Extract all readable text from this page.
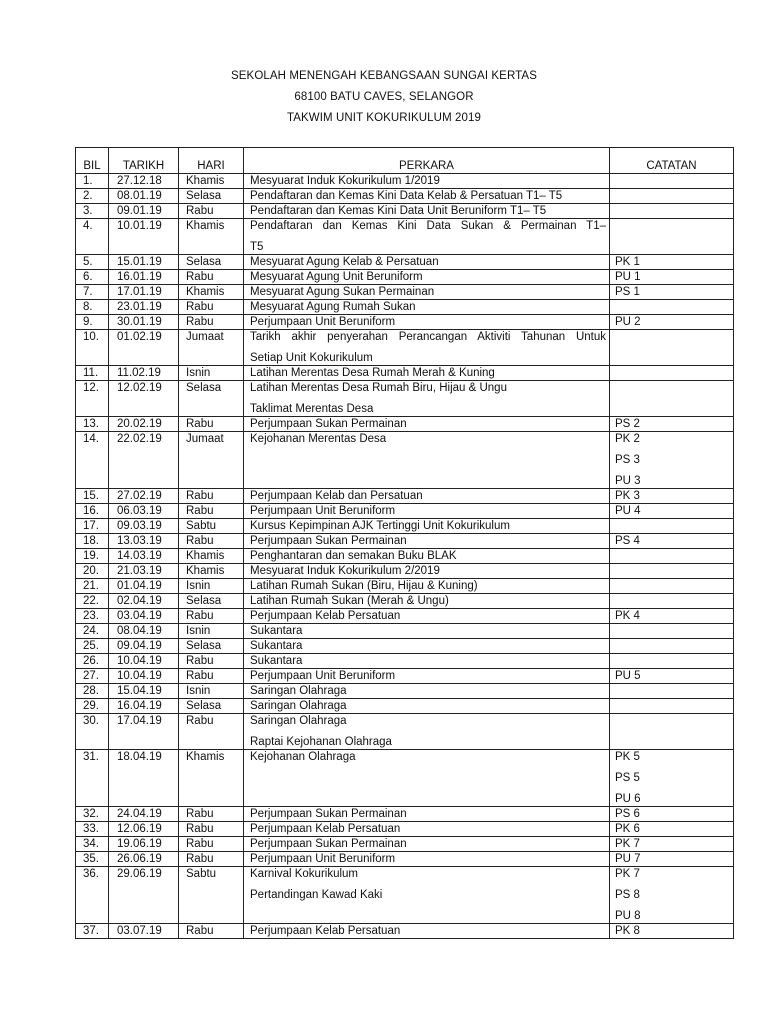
SEKOLAH MENENGAH KEBANGSAAN SUNGAI KERTAS
68100 BATU CAVES, SELANGOR
TAKWIM UNIT KOKURIKULUM 2019
BIL	TARIKH	HARI	PERKARA	CATATAN
1.	27.12.18	Khamis	Mesyuarat Induk Kokurikulum 1/2019	

2.	08.01.19	Selasa	Pendaftaran dan Kemas Kini Data Kelab & Persatuan T1– T5	

3.	09.01.19	Rabu	Pendaftaran dan Kemas Kini Data Unit Beruniform T1– T5	

4.	10.01.19	Khamis	Pendaftaran dan Kemas Kini Data Sukan & Permainan T1–
T5	

5.	15.01.19	Selasa	Mesyuarat Agung Kelab & Persatuan	PK 1

6.	16.01.19	Rabu	Mesyuarat Agung Unit Beruniform	PU 1

7.	17.01.19	Khamis	Mesyuarat Agung Sukan Permainan	PS 1

8.	23.01.19	Rabu	Mesyuarat Agung Rumah Sukan	

9.	30.01.19	Rabu	Perjumpaan Unit Beruniform	PU 2

10.	01.02.19	Jumaat	Tarikh akhir penyerahan Perancangan Aktiviti Tahunan Untuk
Setiap Unit Kokurikulum	

11.	11.02.19	Isnin	Latihan Merentas Desa Rumah Merah & Kuning	

12.	12.02.19	Selasa	Latihan Merentas Desa Rumah Biru, Hijau & Ungu
Taklimat Merentas Desa	

13.	20.02.19	Rabu	Perjumpaan Sukan Permainan	PS 2

14.	22.02.19	Jumaat	Kejohanan Merentas Desa	PK 2
PS 3
PU 3

15.	27.02.19	Rabu	Perjumpaan Kelab dan Persatuan	PK 3

16.	06.03.19	Rabu	Perjumpaan Unit Beruniform	PU 4

17.	09.03.19	Sabtu	Kursus Kepimpinan AJK Tertinggi Unit Kokurikulum	

18.	13.03.19	Rabu	Perjumpaan Sukan Permainan	PS 4

19.	14.03.19	Khamis	Penghantaran dan semakan Buku BLAK	

20.	21.03.19	Khamis	Mesyuarat Induk Kokurikulum 2/2019	

21.	01.04.19	Isnin	Latihan Rumah Sukan (Biru, Hijau & Kuning)	

22.	02.04.19	Selasa	Latihan Rumah Sukan (Merah & Ungu)	

23.	03.04.19	Rabu	Perjumpaan Kelab Persatuan	PK 4

24.	08.04.19	Isnin	Sukantara	

25.	09.04.19	Selasa	Sukantara	

26.	10.04.19	Rabu	Sukantara	

27.	10.04.19	Rabu	Perjumpaan Unit Beruniform	PU 5

28.	15.04.19	Isnin	Saringan Olahraga	

29.	16.04.19	Selasa	Saringan Olahraga	

30.	17.04.19	Rabu	Saringan Olahraga
Raptai Kejohanan Olahraga	

31.	18.04.19	Khamis	Kejohanan Olahraga	PK 5
PS 5
PU 6

32.	24.04.19	Rabu	Perjumpaan Sukan Permainan	PS 6

33.	12.06.19	Rabu	Perjumpaan Kelab Persatuan	PK 6

34.	19.06.19	Rabu	Perjumpaan Sukan Permainan	PK 7

35.	26.06.19	Rabu	Perjumpaan Unit Beruniform	PU 7

36.	29.06.19	Sabtu	Karnival Kokurikulum
Pertandingan Kawad Kaki	PK 7
PS 8
PU 8

37.	03.07.19	Rabu	Perjumpaan Kelab Persatuan	PK 8
